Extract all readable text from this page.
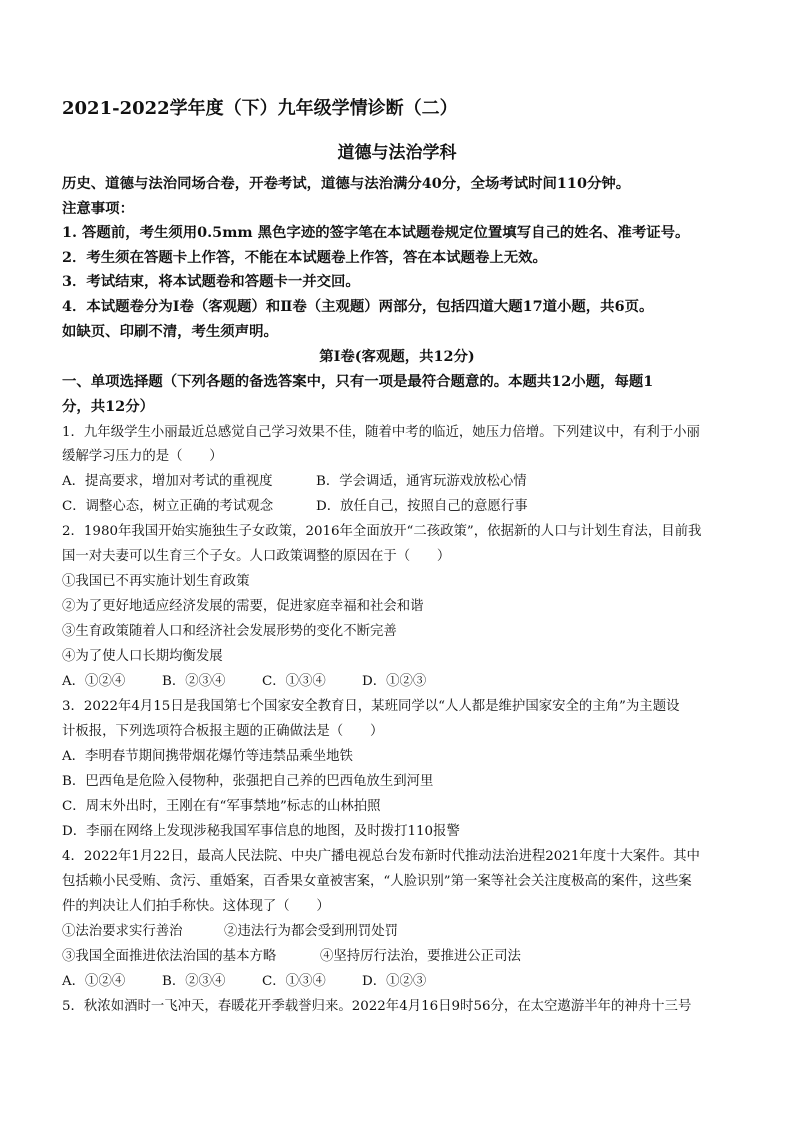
2021-2022学年度（下）九年级学情诊断（二）
道德与法治学科
历史、道德与法治同场合卷，开卷考试，道德与法治满分40分，全场考试时间110分钟。
注意事项：
1. 答题前，考生须用0.5mm 黑色字迹的签字笔在本试题卷规定位置填写自己的姓名、准考证号。
2．考生须在答题卡上作答，不能在本试题卷上作答，答在本试题卷上无效。
3．考试结束，将本试题卷和答题卡一并交回。
4．本试题卷分为Ⅰ卷（客观题）和Ⅱ卷（主观题）两部分，包括四道大题17道小题，共6页。
如缺页、印刷不清，考生须声明。
第Ⅰ卷(客观题，共12分)
一、单项选择题（下列各题的备选答案中，只有一项是最符合题意的。本题共12小题，每题1
分，共12分）
1．九年级学生小丽最近总感觉自己学习效果不佳，随着中考的临近，她压力倍增。下列建议中，有利于小丽
缓解学习压力的是（　　）
A．提高要求，增加对考试的重视度	B．学会调适，通宵玩游戏放松心情
C．调整心态，树立正确的考试观念	D．放任自己，按照自己的意愿行事
2．1980年我国开始实施独生子女政策，2016年全面放开“二孩政策”，依据新的人口与计划生育法，目前我
国一对夫妻可以生育三个子女。人口政策调整的原因在于（　　）
①我国已不再实施计划生育政策
②为了更好地适应经济发展的需要，促进家庭幸福和社会和谐
③生育政策随着人口和经济社会发展形势的变化不断完善
④为了使人口长期均衡发展
A．①②④	B．②③④	C．①③④	D．①②③
3．2022年4月15日是我国第七个国家安全教育日，某班同学以“人人都是维护国家安全的主角”为主题设
计板报，下列选项符合板报主题的正确做法是（　　）
A．李明春节期间携带烟花爆竹等违禁品乘坐地铁
B．巴西龟是危险入侵物种，张强把自己养的巴西龟放生到河里
C．周末外出时，王刚在有“军事禁地”标志的山林拍照
D．李丽在网络上发现涉秘我国军事信息的地图，及时拨打110报警
4．2022年1月22日，最高人民法院、中央广播电视总台发布新时代推动法治进程2021年度十大案件。其中
包括赖小民受贿、贪污、重婚案，百香果女童被害案，“人脸识别”第一案等社会关注度极高的案件，这些案
件的判决让人们拍手称快。这体现了（　　）
①法治要求实行善治	②违法行为都会受到刑罚处罚
③我国全面推进依法治国的基本方略	④坚持厉行法治，要推进公正司法
A．①②④	B．②③④	C．①③④	D．①②③
5．秋浓如酒时一飞冲天，春暖花开季载誉归来。2022年4月16日9时56分，在太空遨游半年的神舟十三号
